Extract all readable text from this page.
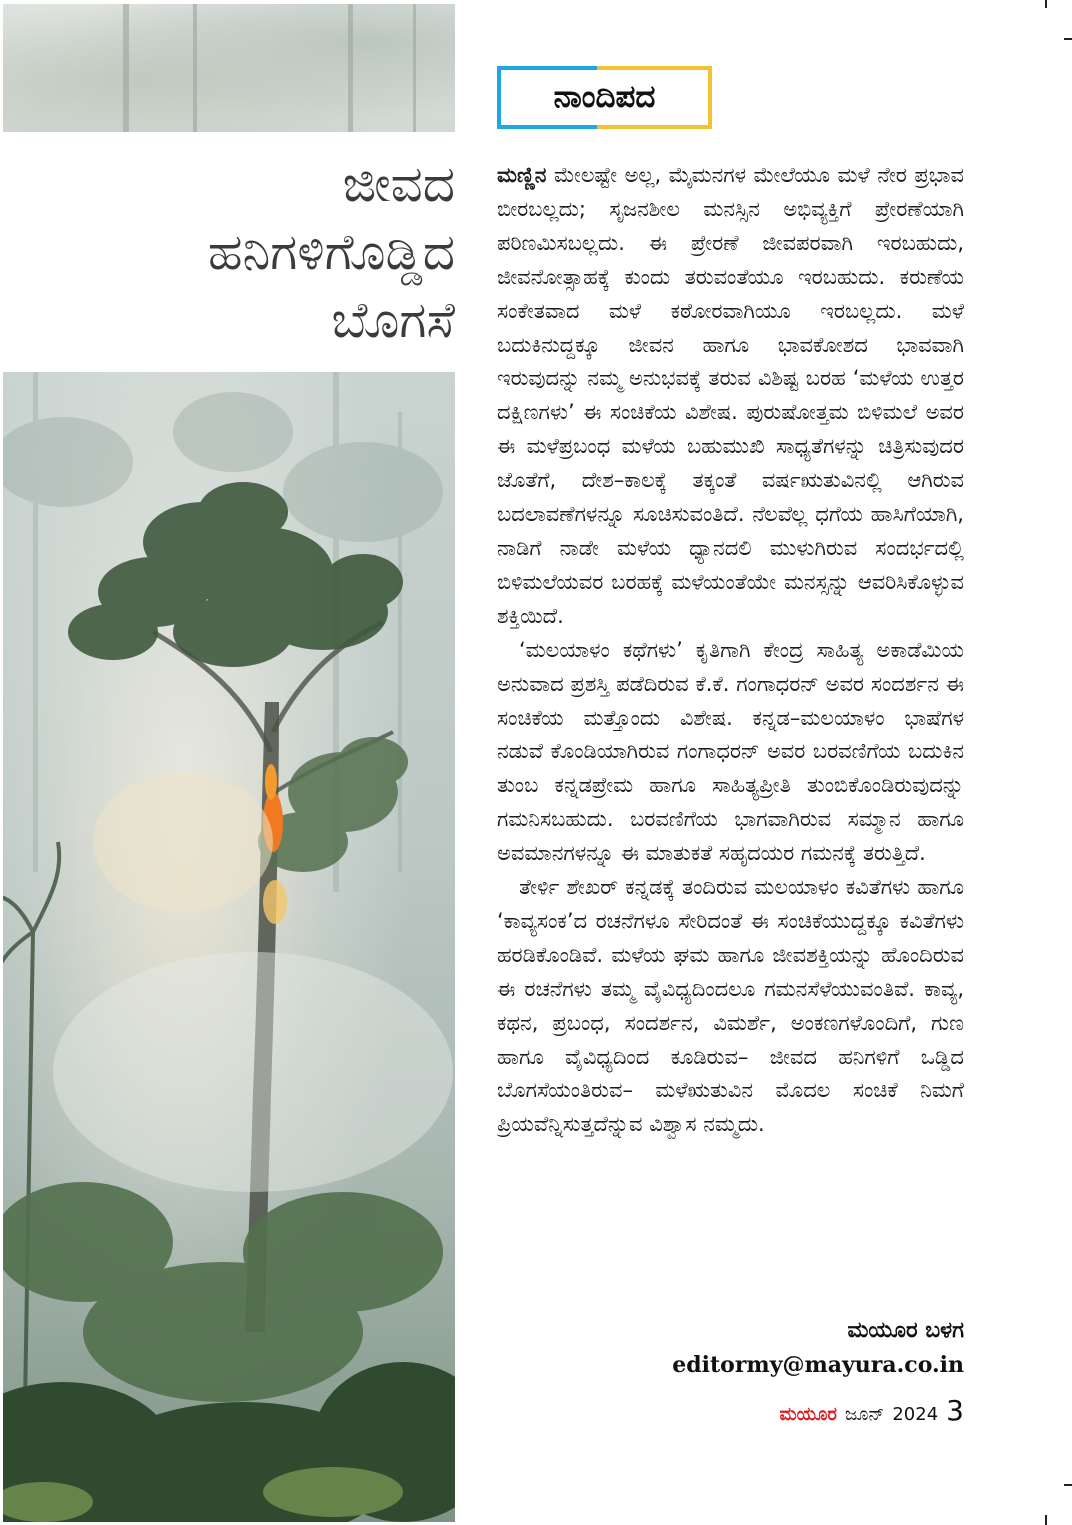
ಜೀವದ
ಹನಿಗಳಿಗೊಡ್ಡಿದ
ಬೊಗಸೆ
ನಾಂದಿಪದ

ಮಣ್ಣಿನ ಮೇಲಷ್ಟೇ ಅಲ್ಲ, ಮೈಮನಗಳ ಮೇಲೆಯೂ ಮಳೆ ನೇರ ಪ್ರಭಾವ ಬೀರಬಲ್ಲದು; ಸೃಜನಶೀಲ ಮನಸ್ಸಿನ ಅಭಿವ್ಯಕ್ತಿಗೆ ಪ್ರೇರಣೆಯಾಗಿ ಪರಿಣಮಿಸಬಲ್ಲದು. ಈ ಪ್ರೇರಣೆ ಜೀವಪರವಾಗಿ ಇರಬಹುದು, ಜೀವನೋತ್ಸಾಹಕ್ಕೆ ಕುಂದು ತರುವಂತೆಯೂ ಇರಬಹುದು. ಕರುಣೆಯ ಸಂಕೇತವಾದ ಮಳೆ ಕಠೋರವಾಗಿಯೂ ಇರಬಲ್ಲದು. ಮಳೆ ಬದುಕಿನುದ್ದಕ್ಕೂ ಜೀವನ ಹಾಗೂ ಭಾವಕೋಶದ ಭಾವವಾಗಿ ಇರುವುದನ್ನು ನಮ್ಮ ಅನುಭವಕ್ಕೆ ತರುವ ವಿಶಿಷ್ಟ ಬರಹ ‘ಮಳೆಯ ಉತ್ತರ ದಕ್ಷಿಣಗಳು’ ಈ ಸಂಚಿಕೆಯ ವಿಶೇಷ. ಪುರುಷೋತ್ತಮ ಬಿಳಿಮಲೆ ಅವರ ಈ ಮಳೆಪ್ರಬಂಧ ಮಳೆಯ ಬಹುಮುಖಿ ಸಾಧ್ಯತೆಗಳನ್ನು ಚಿತ್ರಿಸುವುದರ ಜೊತೆಗೆ, ದೇಶ–ಕಾಲಕ್ಕೆ ತಕ್ಕಂತೆ ವರ್ಷಋತುವಿನಲ್ಲಿ ಆಗಿರುವ ಬದಲಾವಣೆಗಳನ್ನೂ ಸೂಚಿಸುವಂತಿದೆ. ನೆಲವೆಲ್ಲ ಧಗೆಯ ಹಾಸಿಗೆಯಾಗಿ, ನಾಡಿಗೆ ನಾಡೇ ಮಳೆಯ ಧ್ಯಾನದಲಿ ಮುಳುಗಿರುವ ಸಂದರ್ಭದಲ್ಲಿ ಬಿಳಿಮಲೆಯವರ ಬರಹಕ್ಕೆ ಮಳೆಯಂತೆಯೇ ಮನಸ್ಸನ್ನು ಆವರಿಸಿಕೊಳ್ಳುವ ಶಕ್ತಿಯಿದೆ.

‘ಮಲಯಾಳಂ ಕಥೆಗಳು’ ಕೃತಿಗಾಗಿ ಕೇಂದ್ರ ಸಾಹಿತ್ಯ ಅಕಾಡೆಮಿಯ ಅನುವಾದ ಪ್ರಶಸ್ತಿ ಪಡೆದಿರುವ ಕೆ.ಕೆ. ಗಂಗಾಧರನ್ ಅವರ ಸಂದರ್ಶನ ಈ ಸಂಚಿಕೆಯ ಮತ್ತೊಂದು ವಿಶೇಷ. ಕನ್ನಡ–ಮಲಯಾಳಂ ಭಾಷೆಗಳ ನಡುವೆ ಕೊಂಡಿಯಾಗಿರುವ ಗಂಗಾಧರನ್ ಅವರ ಬರವಣಿಗೆಯ ಬದುಕಿನ ತುಂಬ ಕನ್ನಡಪ್ರೇಮ ಹಾಗೂ ಸಾಹಿತ್ಯಪ್ರೀತಿ ತುಂಬಿಕೊಂಡಿರುವುದನ್ನು ಗಮನಿಸಬಹುದು. ಬರವಣಿಗೆಯ ಭಾಗವಾಗಿರುವ ಸಮ್ಮಾನ ಹಾಗೂ ಅವಮಾನಗಳನ್ನೂ ಈ ಮಾತುಕತೆ ಸಹೃದಯರ ಗಮನಕ್ಕೆ ತರುತ್ತಿದೆ.

ತೇರ್ಳಿ ಶೇಖರ್ ಕನ್ನಡಕ್ಕೆ ತಂದಿರುವ ಮಲಯಾಳಂ ಕವಿತೆಗಳು ಹಾಗೂ ‘ಕಾವ್ಯಸಂಕ’ದ ರಚನೆಗಳೂ ಸೇರಿದಂತೆ ಈ ಸಂಚಿಕೆಯುದ್ದಕ್ಕೂ ಕವಿತೆಗಳು ಹರಡಿಕೊಂಡಿವೆ. ಮಳೆಯ ಘಮ ಹಾಗೂ ಜೀವಶಕ್ತಿಯನ್ನು ಹೊಂದಿರುವ ಈ ರಚನೆಗಳು ತಮ್ಮ ವೈವಿಧ್ಯದಿಂದಲೂ ಗಮನಸೆಳೆಯುವಂತಿವೆ. ಕಾವ್ಯ, ಕಥನ, ಪ್ರಬಂಧ, ಸಂದರ್ಶನ, ವಿಮರ್ಶೆ, ಅಂಕಣಗಳೊಂದಿಗೆ, ಗುಣ ಹಾಗೂ ವೈವಿಧ್ಯದಿಂದ ಕೂಡಿರುವ– ಜೀವದ ಹನಿಗಳಿಗೆ ಒಡ್ಡಿದ ಬೊಗಸೆಯಂತಿರುವ– ಮಳೆಋತುವಿನ ಮೊದಲ ಸಂಚಿಕೆ ನಿಮಗೆ ಪ್ರಿಯವೆನ್ನಿಸುತ್ತದೆನ್ನುವ ವಿಶ್ವಾಸ ನಮ್ಮದು.

ಮಯೂರ ಬಳಗ
editormy@mayura.co.in
ಮಯೂರ ಜೂನ್ 2024 3
